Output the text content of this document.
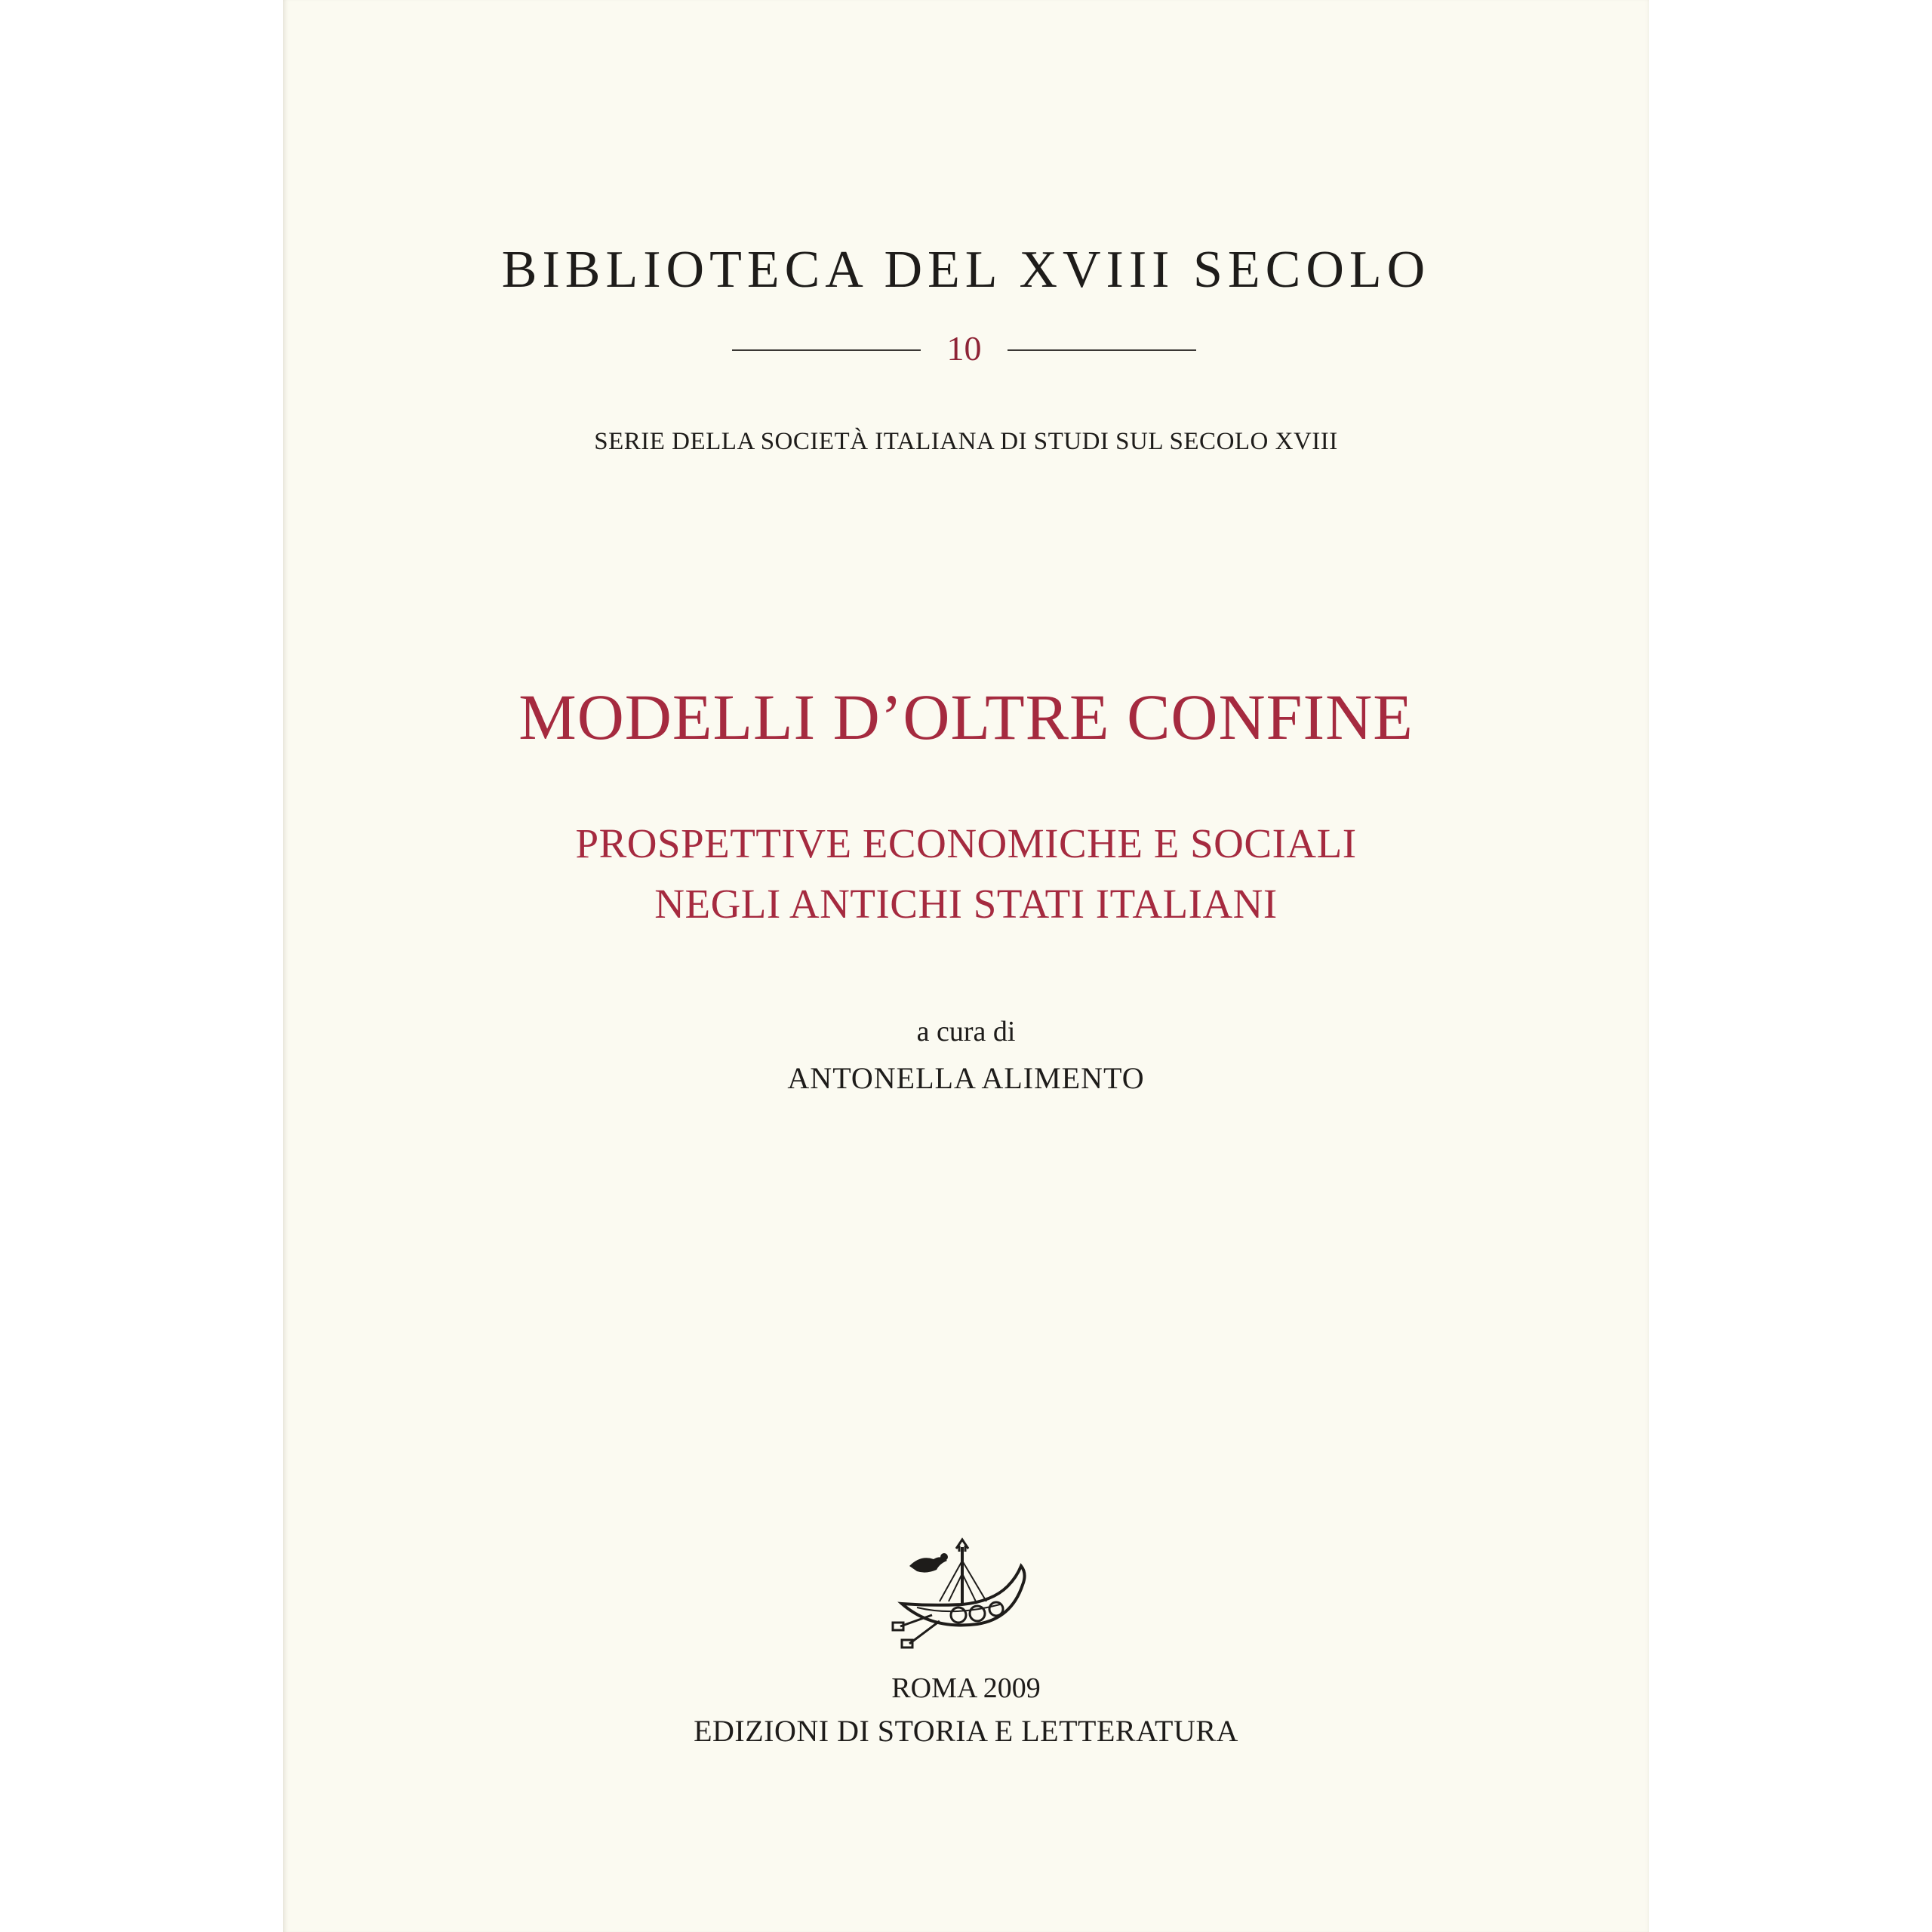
BIBLIOTECA DEL XVIII SECOLO
10
SERIE DELLA SOCIETÀ ITALIANA DI STUDI SUL SECOLO XVIII
MODELLI D’OLTRE CONFINE
PROSPETTIVE ECONOMICHE E SOCIALI
NEGLI ANTICHI STATI ITALIANI
a cura di
ANTONELLA ALIMENTO
ROMA 2009
EDIZIONI DI STORIA E LETTERATURA
